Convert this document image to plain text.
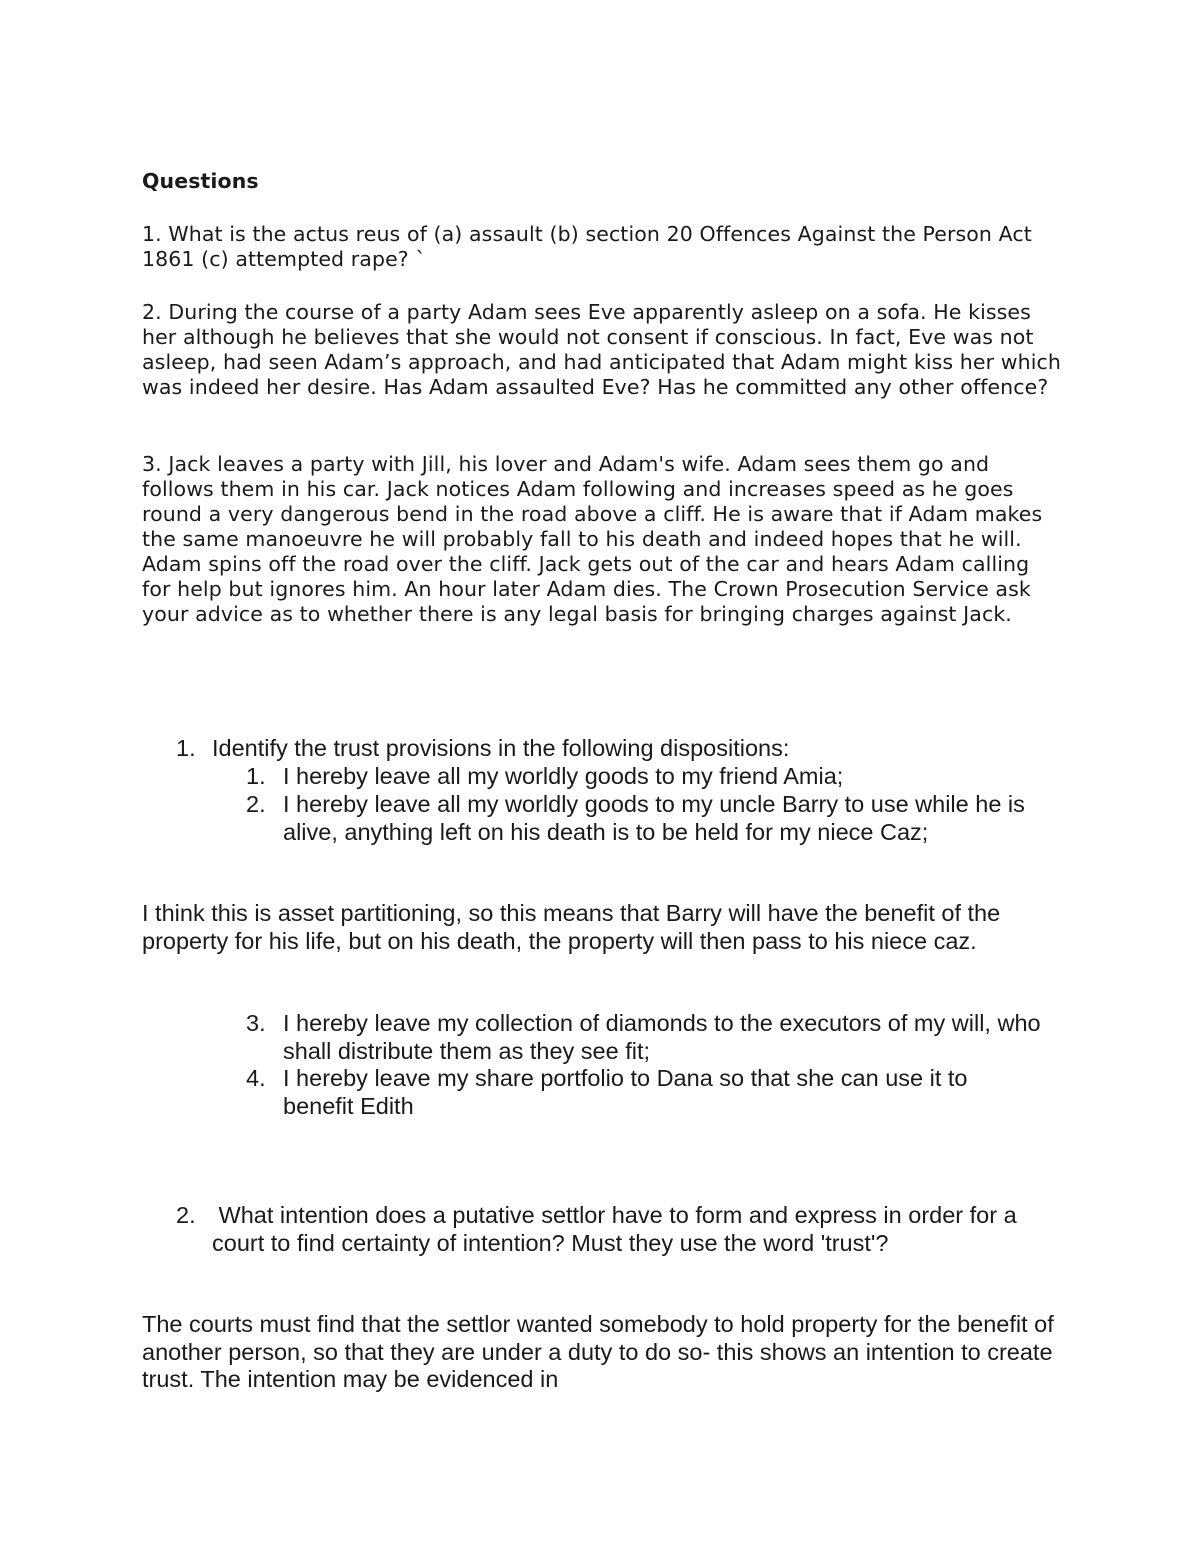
Questions

1. What is the actus reus of (a) assault (b) section 20 Offences Against the Person Act 1861 (c) attempted rape? `

2. During the course of a party Adam sees Eve apparently asleep on a sofa. He kisses her although he believes that she would not consent if conscious. In fact, Eve was not asleep, had seen Adam’s approach, and had anticipated that Adam might kiss her which was indeed her desire. Has Adam assaulted Eve? Has he committed any other offence?

3. Jack leaves a party with Jill, his lover and Adam's wife. Adam sees them go and follows them in his car. Jack notices Adam following and increases speed as he goes round a very dangerous bend in the road above a cliff. He is aware that if Adam makes the same manoeuvre he will probably fall to his death and indeed hopes that he will. Adam spins off the road over the cliff. Jack gets out of the car and hears Adam calling for help but ignores him. An hour later Adam dies. The Crown Prosecution Service ask your advice as to whether there is any legal basis for bringing charges against Jack.

1. Identify the trust provisions in the following dispositions:
1. I hereby leave all my worldly goods to my friend Amia;
2. I hereby leave all my worldly goods to my uncle Barry to use while he is alive, anything left on his death is to be held for my niece Caz;

I think this is asset partitioning, so this means that Barry will have the benefit of the property for his life, but on his death, the property will then pass to his niece caz.

3. I hereby leave my collection of diamonds to the executors of my will, who shall distribute them as they see fit;
4. I hereby leave my share portfolio to Dana so that she can use it to benefit Edith
2. What intention does a putative settlor have to form and express in order for a court to find certainty of intention? Must they use the word 'trust'?

The courts must find that the settlor wanted somebody to hold property for the benefit of another person, so that they are under a duty to do so- this shows an intention to create trust. The intention may be evidenced in
